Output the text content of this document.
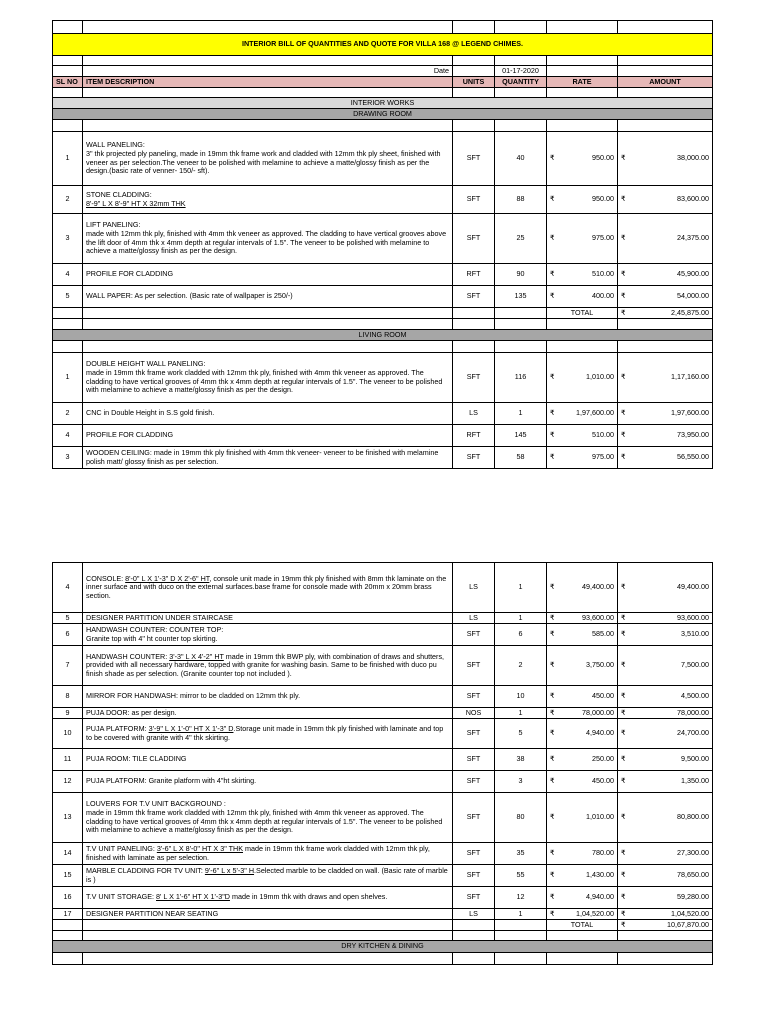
INTERIOR BILL OF QUANTITIES AND QUOTE FOR VILLA 168 @ LEGEND CHIMES.					

	Date		01-17-2020		
SL NO	ITEM DESCRIPTION	UNITS	QUANTITY	RATE	AMOUNT

INTERIOR WORKS					
DRAWING ROOM					

1	WALL PANELING:
3" thk projected ply paneling, made in 19mm thk frame work and cladded with 12mm thk ply sheet, finished with veneer as per selection.The veneer to be polished with melamine to achieve a matte/glossy finish as per the design.(basic rate of venner- 150/- sft).	SFT	40	₹ 950.00	₹ 38,000.00

2	STONE CLADDING:
8'-9" L X 8'-9" HT X 32mm THK	SFT	88	₹ 950.00	₹ 83,600.00

3	LIFT PANELING:
made with 12mm thk ply, finished with 4mm thk veneer as approved. The cladding to have vertical grooves above the lift door of 4mm thk x 4mm depth at regular intervals of 1.5". The veneer to be polished with melamine to achieve a matte/glossy finish as per the design.	SFT	25	₹ 975.00	₹ 24,375.00

4	PROFILE FOR CLADDING	RFT	90	₹ 510.00	₹ 45,900.00

5	WALL PAPER: As per selection. (Basic rate of wallpaper is 250/-)	SFT	135	₹ 400.00	₹ 54,000.00

				TOTAL	₹ 2,45,875.00

LIVING ROOM					

1	DOUBLE HEIGHT WALL PANELING:
made in 19mm thk frame work cladded with 12mm thk ply, finished with 4mm thk veneer as approved. The cladding to have vertical grooves of 4mm thk x 4mm depth at regular intervals of 1.5". The veneer to be polished with melamine to achieve a matte/glossy finish as per the design.	SFT	116	₹ 1,010.00	₹ 1,17,160.00

2	CNC in Double Height in S.S gold finish.	LS	1	₹ 1,97,600.00	₹ 1,97,600.00

4	PROFILE FOR CLADDING	RFT	145	₹ 510.00	₹ 73,950.00

3	WOODEN CEILING: made in 19mm thk ply finished with 4mm thk veneer- veneer to be finished with melamine polish matt/ glossy finish as per selection.	SFT	58	₹ 975.00	₹ 56,550.00
4	CONSOLE: 8'-0" L X 1'-3" D X 2'-6" HT, console unit made in 19mm thk ply finished with 8mm thk laminate on the inner surface and with duco on the external surfaces.base frame for console made with 20mm x 20mm brass section.	LS	1	₹ 49,400.00	₹ 49,400.00

5	DESIGNER PARTITION UNDER STAIRCASE	LS	1	₹ 93,600.00	₹ 93,600.00

6	HANDWASH COUNTER: COUNTER TOP:
Granite top with 4" ht counter top skirting.	SFT	6	₹ 585.00	₹ 3,510.00

7	HANDWASH COUNTER: 3'-3" L X 4'-2" HT made in 19mm thk BWP ply, with combination of draws and shutters, provided with all necessary hardware, topped with granite for washing basin. Same to be finished with duco pu finish shade as per selection. (Granite counter top not included ).	SFT	2	₹ 3,750.00	₹ 7,500.00

8	MIRROR FOR HANDWASH: mirror to be cladded on 12mm thk ply.	SFT	10	₹ 450.00	₹ 4,500.00

9	PUJA DOOR: as per design.	NOS	1	₹ 78,000.00	₹ 78,000.00

10	PUJA PLATFORM: 3'-9" L X 1'-0" HT X 1'-3" D.Storage unit made in 19mm thk ply finished with laminate and top to be covered with granite with 4" thk skirting.	SFT	5	₹ 4,940.00	₹ 24,700.00

11	PUJA ROOM: TILE CLADDING	SFT	38	₹ 250.00	₹ 9,500.00

12	PUJA PLATFORM: Granite platform with 4"ht skirting.	SFT	3	₹ 450.00	₹ 1,350.00

13	LOUVERS FOR T.V UNIT BACKGROUND :
made in 19mm thk frame work cladded with 12mm thk ply, finished with 4mm thk veneer as approved. The cladding to have vertical grooves of 4mm thk x 4mm depth at regular intervals of 1.5". The veneer to be polished with melamine to achieve a matte/glossy finish as per the design.	SFT	80	₹ 1,010.00	₹ 80,800.00

14	T.V UNIT PANELING: 3'-6" L X 8'-0" HT X 3" THK made in 19mm thk frame work cladded with 12mm thk ply, finished with laminate as per selection.	SFT	35	₹ 780.00	₹ 27,300.00

15	MARBLE CLADDING FOR TV UNIT: 9'-6" L x 5'-3" H.Selected marble to be cladded on wall. (Basic rate of marble is )	SFT	55	₹ 1,430.00	₹ 78,650.00

16	T.V UNIT STORAGE: 8' L X 1'-6" HT X 1'-3"D made in 19mm thk with draws and open shelves.	SFT	12	₹ 4,940.00	₹ 59,280.00

17	DESIGNER PARTITION NEAR SEATING	LS	1	₹ 1,04,520.00	₹ 1,04,520.00

				TOTAL	₹ 10,67,870.00

DRY KITCHEN & DINING					
